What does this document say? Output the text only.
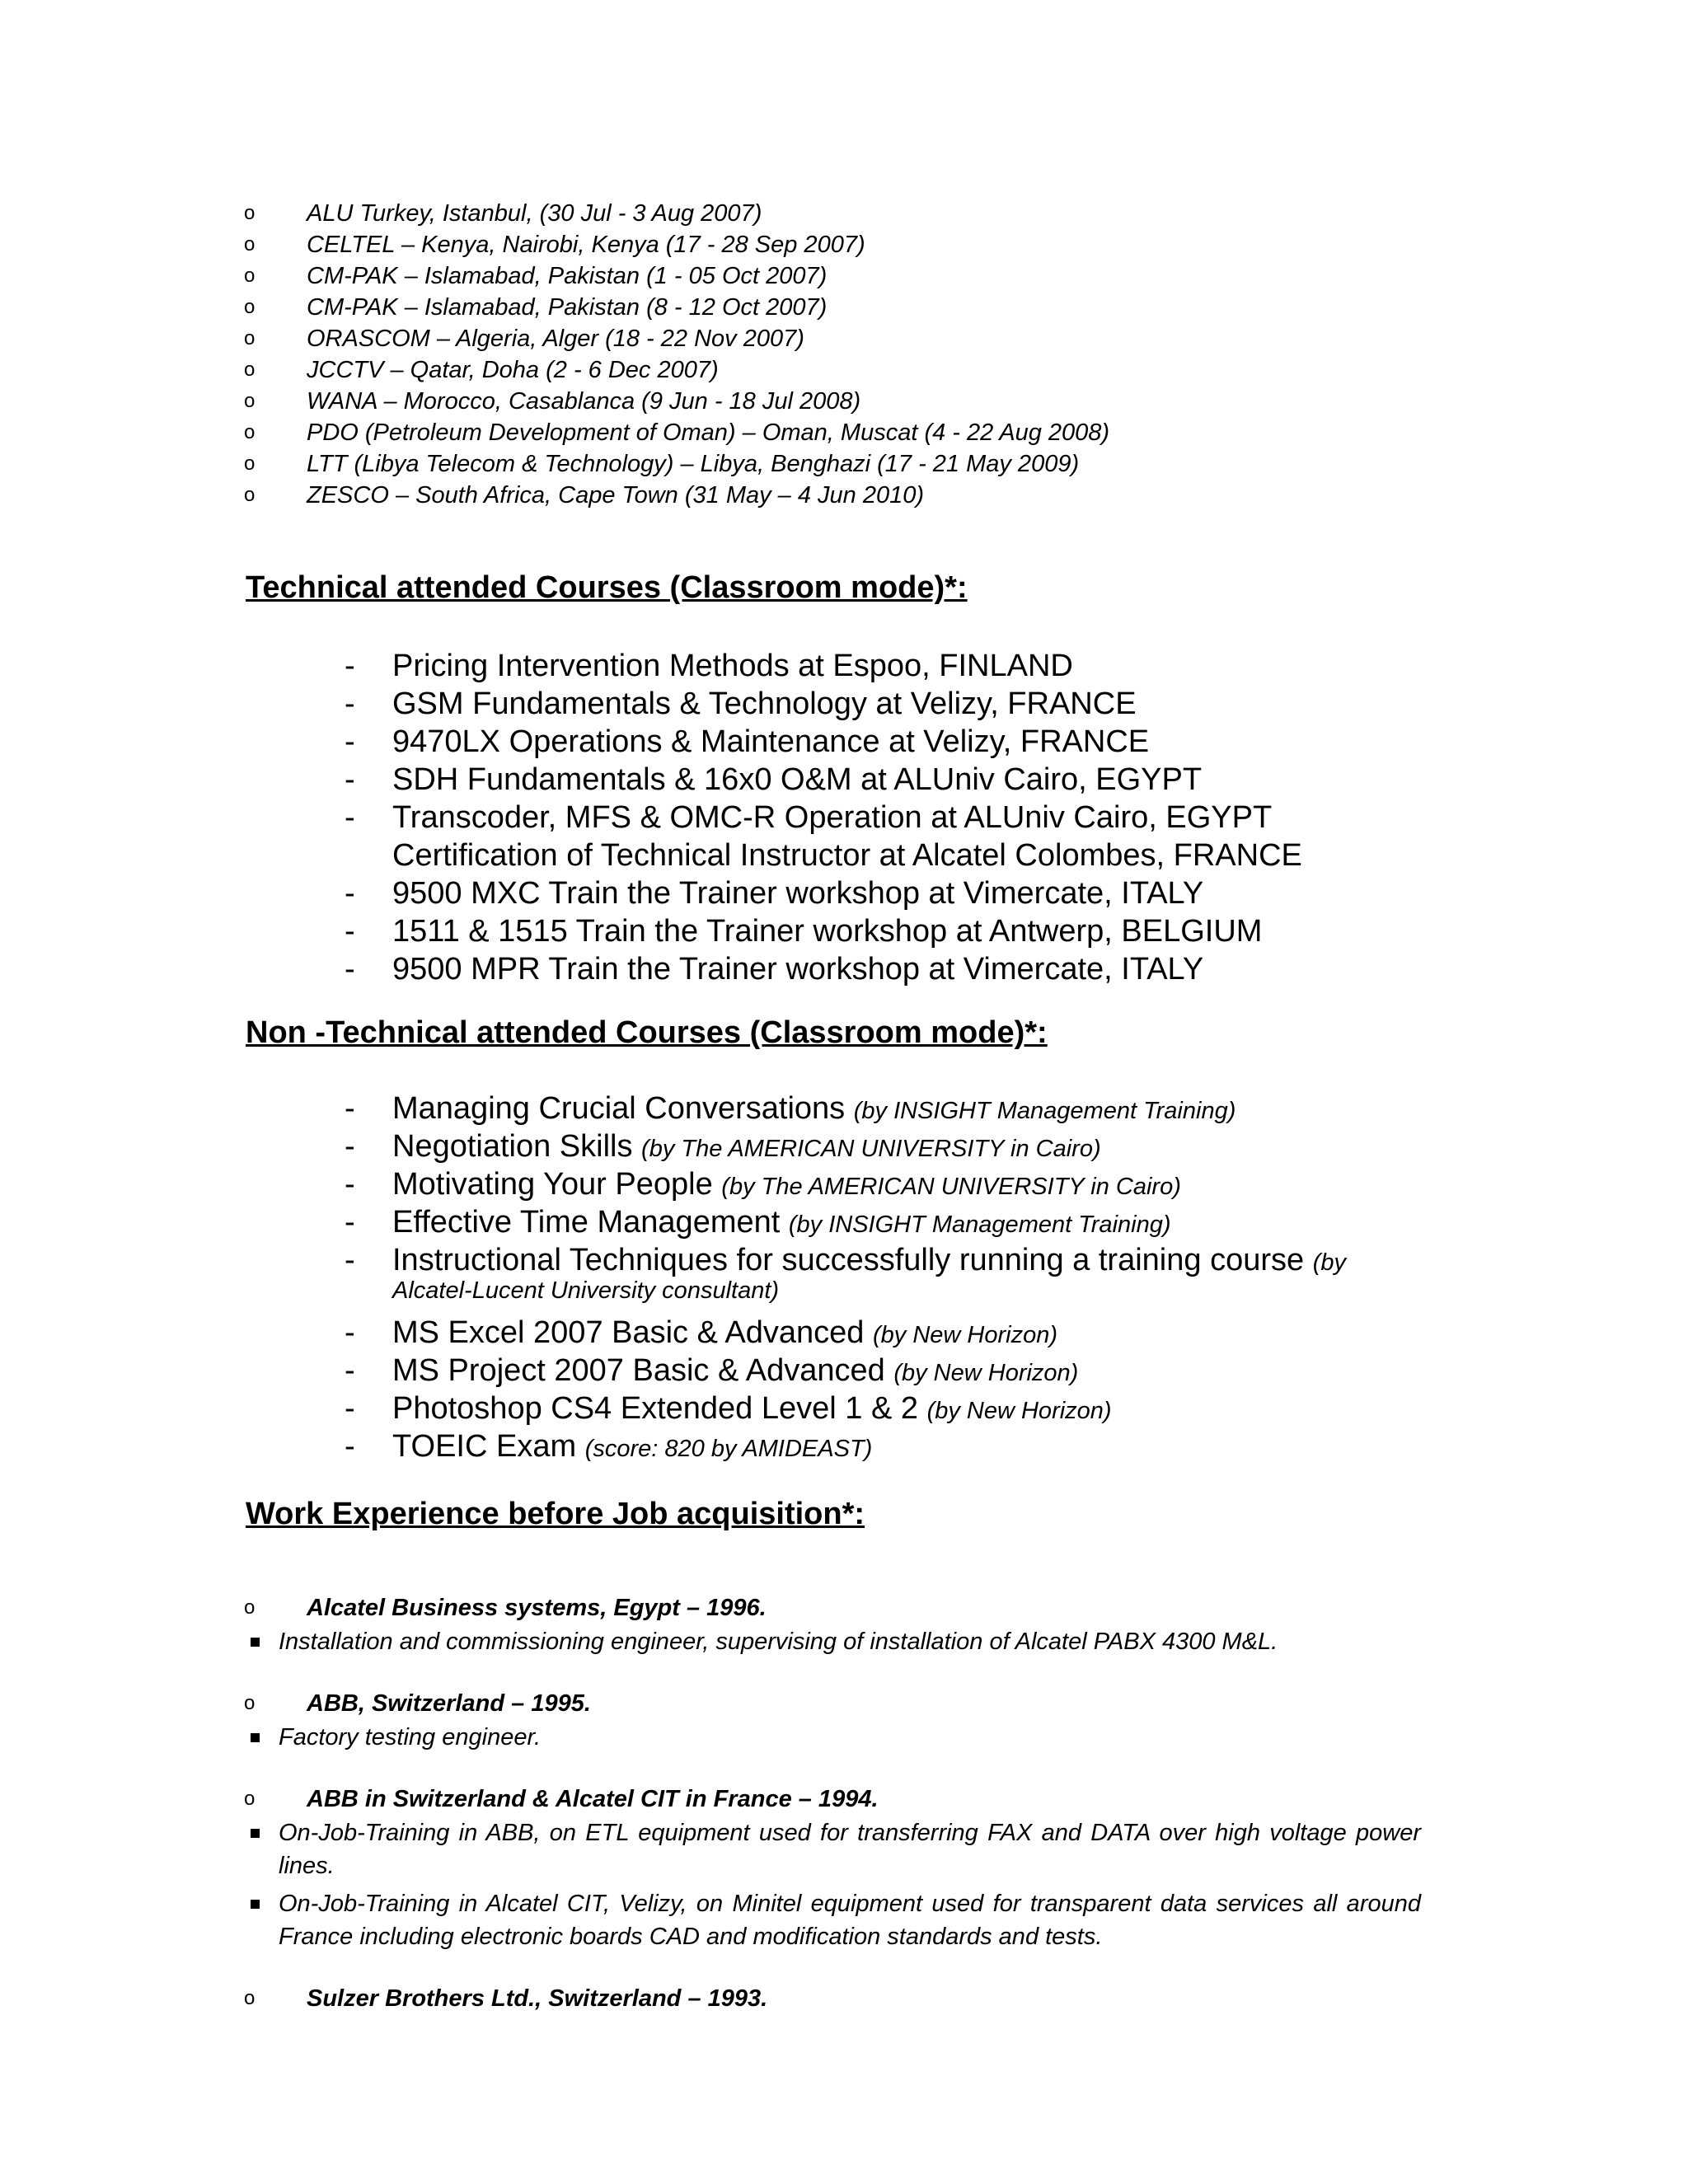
o ALU Turkey, Istanbul, (30 Jul - 3 Aug 2007)
o CELTEL – Kenya, Nairobi, Kenya (17 - 28 Sep 2007)
o CM-PAK – Islamabad, Pakistan (1 - 05 Oct 2007)
o CM-PAK – Islamabad, Pakistan (8 - 12 Oct 2007)
o ORASCOM – Algeria, Alger (18 - 22 Nov 2007)
o JCCTV – Qatar, Doha (2 - 6 Dec 2007)
o WANA – Morocco, Casablanca (9 Jun - 18 Jul 2008)
o PDO (Petroleum Development of Oman) – Oman, Muscat (4 - 22 Aug 2008)
o LTT (Libya Telecom & Technology) – Libya, Benghazi (17 - 21 May 2009)
o ZESCO – South Africa, Cape Town (31 May – 4 Jun 2010)
Technical attended Courses (Classroom mode)*:
- Pricing Intervention Methods at Espoo, FINLAND
- GSM Fundamentals & Technology at Velizy, FRANCE
- 9470LX Operations & Maintenance at Velizy, FRANCE
- SDH Fundamentals & 16x0 O&M at ALUniv Cairo, EGYPT
- Transcoder, MFS & OMC-R Operation at ALUniv Cairo, EGYPT
Certification of Technical Instructor at Alcatel Colombes, FRANCE
- 9500 MXC Train the Trainer workshop at Vimercate, ITALY
- 1511 & 1515 Train the Trainer workshop at Antwerp, BELGIUM
- 9500 MPR Train the Trainer workshop at Vimercate, ITALY
Non -Technical attended Courses (Classroom mode)*:
- Managing Crucial Conversations (by INSIGHT Management Training)
- Negotiation Skills (by The AMERICAN UNIVERSITY in Cairo)
- Motivating Your People (by The AMERICAN UNIVERSITY in Cairo)
- Effective Time Management (by INSIGHT Management Training)
- Instructional Techniques for successfully running a training course (by
Alcatel-Lucent University consultant)
- MS Excel 2007 Basic & Advanced (by New Horizon)
- MS Project 2007 Basic & Advanced (by New Horizon)
- Photoshop CS4 Extended Level 1 & 2 (by New Horizon)
- TOEIC Exam (score: 820 by AMIDEAST)
Work Experience before Job acquisition*:
o Alcatel Business systems, Egypt – 1996.
Installation and commissioning engineer, supervising of installation of Alcatel PABX 4300 M&L.
o ABB, Switzerland – 1995.
Factory testing engineer.
o ABB in Switzerland & Alcatel CIT in France – 1994.
On-Job-Training in ABB, on ETL equipment used for transferring FAX and DATA over high voltage power lines.
On-Job-Training in Alcatel CIT, Velizy, on Minitel equipment used for transparent data services all around France including electronic boards CAD and modification standards and tests.
o Sulzer Brothers Ltd., Switzerland – 1993.
